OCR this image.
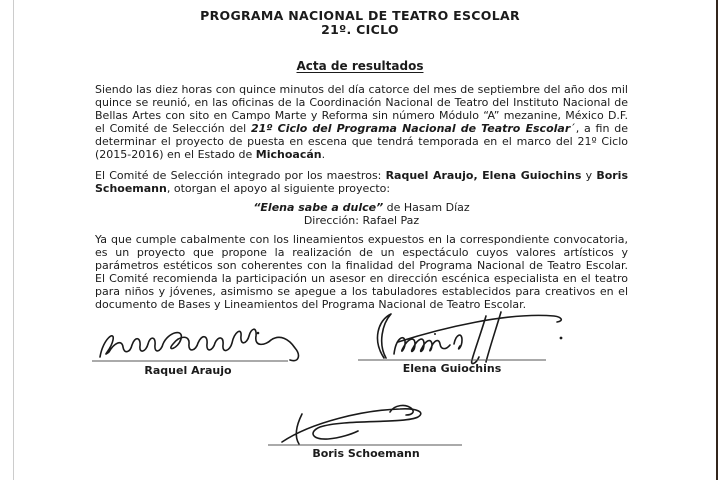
PROGRAMA NACIONAL DE TEATRO ESCOLAR
21º. CICLO
Acta de resultados

Siendo las diez horas con quince minutos del día catorce del mes de septiembre del año dos mil quince se reunió, en las oficinas de la Coordinación Nacional de Teatro del Instituto Nacional de Bellas Artes con sito en Campo Marte y Reforma sin número Módulo “A” mezanine, México D.F. el Comité de Selección del 21º Ciclo del Programa Nacional de Teatro Escolar´, a fin de determinar el proyecto de puesta en escena que tendrá temporada en el marco del 21º Ciclo (2015-2016) en el Estado de Michoacán.

El Comité de Selección integrado por los maestros: Raquel Araujo, Elena Guiochins y Boris Schoemann, otorgan el apoyo al siguiente proyecto:

“Elena sabe a dulce” de Hasam Díaz
Dirección: Rafael Paz

Ya que cumple cabalmente con los lineamientos expuestos en la correspondiente convocatoria, es un proyecto que propone la realización de un espectáculo cuyos valores artísticos y parámetros estéticos son coherentes con la finalidad del Programa Nacional de Teatro Escolar. El Comité recomienda la participación un asesor en dirección escénica especialista en el teatro para niños y jóvenes, asimismo se apegue a los tabuladores establecidos para creativos en el documento de Bases y Lineamientos del Programa Nacional de Teatro Escolar.

Raquel Araujo	Elena Guiochins
Boris Schoemann
